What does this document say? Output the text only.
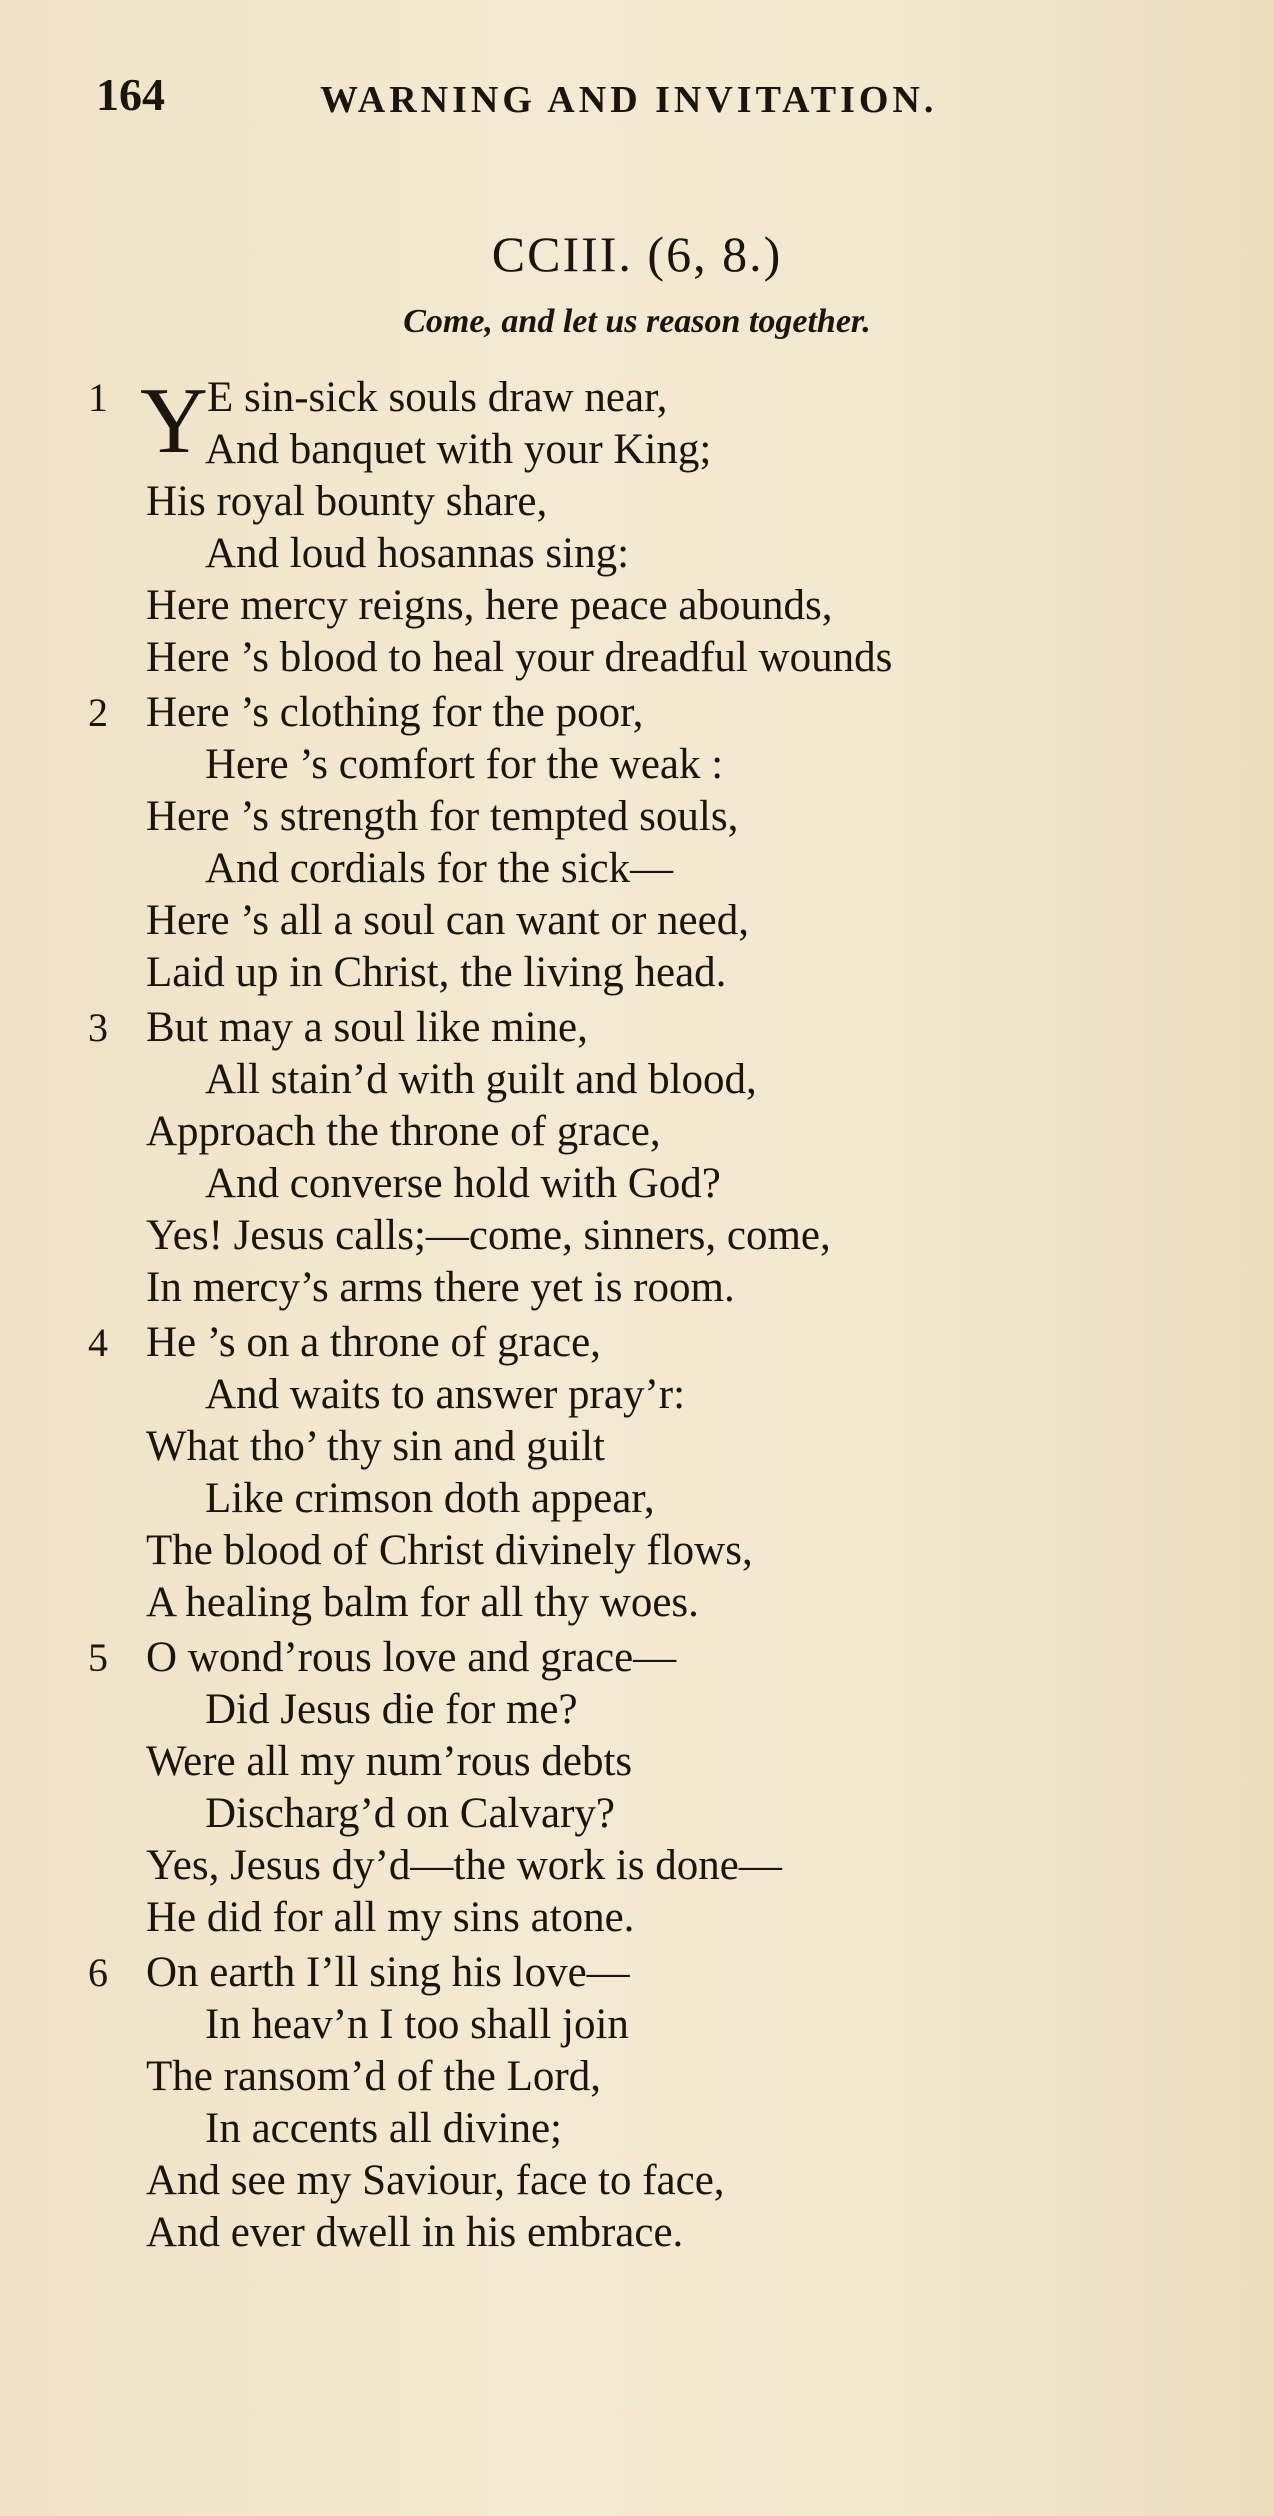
164	WARNING AND INVITATION.
CCIII. (6, 8.)
Come, and let us reason together.
1 Y E sin-sick souls draw near,
And banquet with your King;
His royal bounty share,
And loud hosannas sing:
Here mercy reigns, here peace abounds,
Here ’s blood to heal your dreadful wounds
2 Here ’s clothing for the poor,
Here ’s comfort for the weak :
Here ’s strength for tempted souls,
And cordials for the sick—
Here ’s all a soul can want or need,
Laid up in Christ, the living head.
3 But may a soul like mine,
All stain’d with guilt and blood,
Approach the throne of grace,
And converse hold with God?
Yes! Jesus calls;—come, sinners, come,
In mercy’s arms there yet is room.
4 He ’s on a throne of grace,
And waits to answer pray’r:
What tho’ thy sin and guilt
Like crimson doth appear,
The blood of Christ divinely flows,
A healing balm for all thy woes.
5 O wond’rous love and grace—
Did Jesus die for me?
Were all my num’rous debts
Discharg’d on Calvary?
Yes, Jesus dy’d—the work is done—
He did for all my sins atone.
6 On earth I’ll sing his love—
In heav’n I too shall join
The ransom’d of the Lord,
In accents all divine;
And see my Saviour, face to face,
And ever dwell in his embrace.
